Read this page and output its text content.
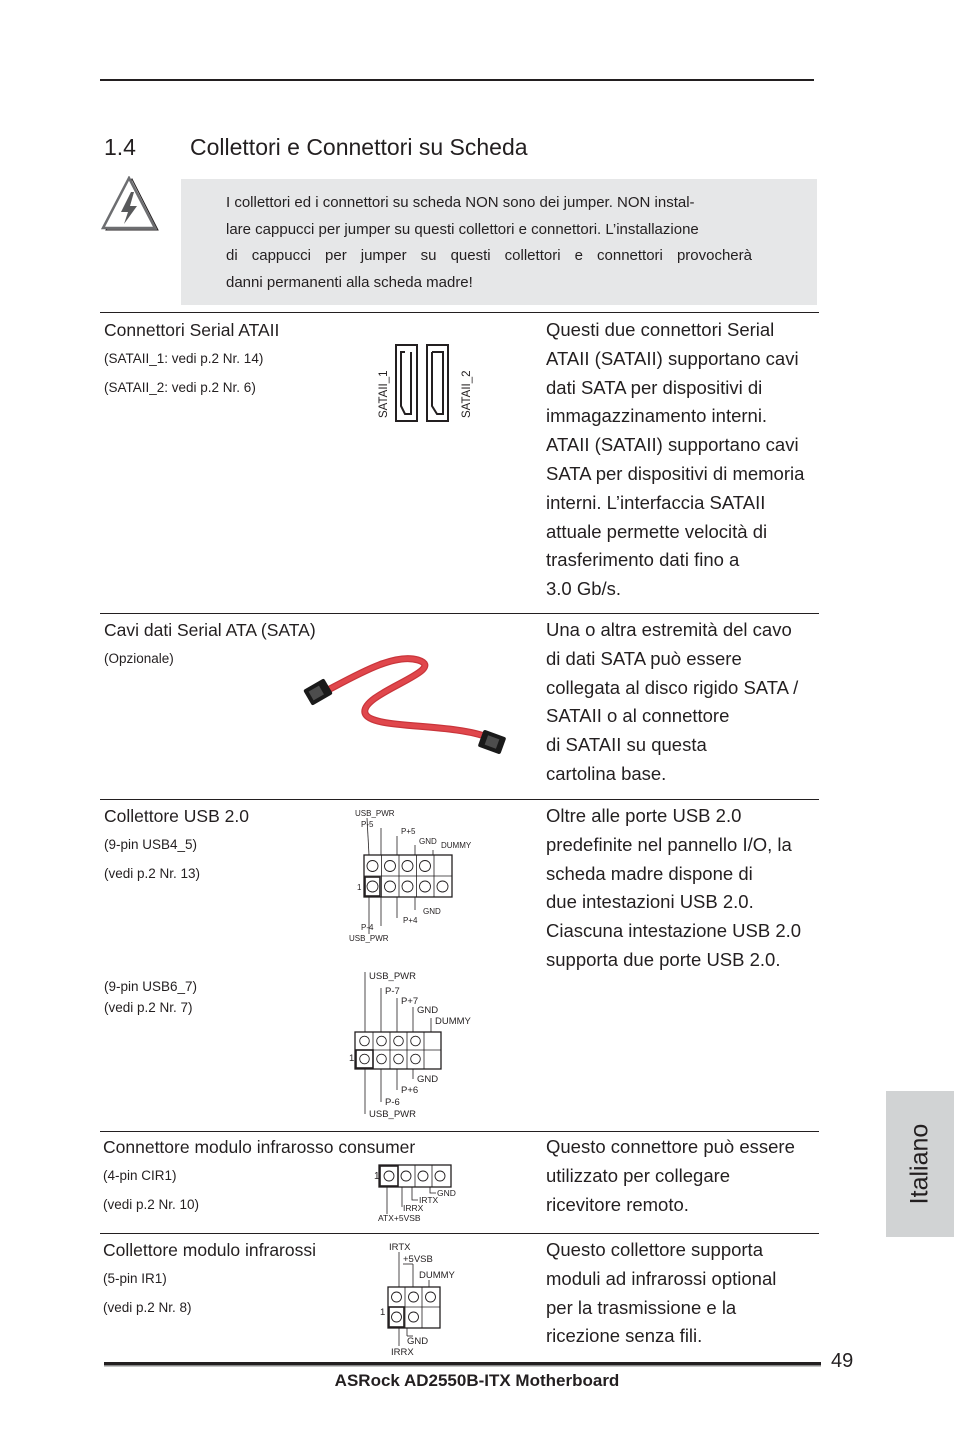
1.4 Collettori e Connettori su Scheda
I collettori ed i connettori su scheda NON sono dei jumper. NON instal-
lare cappucci per jumper su questi collettori e connettori. L’installazione
di cappucci per jumper su questi collettori e connettori provocherà
danni permanenti alla scheda madre!
Connettori Serial ATAII
(SATAII_1: vedi p.2 Nr. 14)
(SATAII_2: vedi p.2 Nr. 6)	SATAII_1	SATAII_2
Questi due connettori Serial
ATAII (SATAII) supportano cavi
dati SATA per dispositivi di
immagazzinamento interni.
ATAII (SATAII) supportano cavi
SATA per dispositivi di memoria
interni. L’interfaccia SATAII
attuale permette velocità di
trasferimento dati fino a
3.0 Gb/s.
Cavi dati Serial ATA (SATA)
(Opzionale)
Una o altra estremità del cavo
di dati SATA può essere
collegata al disco rigido SATA /
SATAII o al connettore
di SATAII su questa
cartolina base.
Collettore USB 2.0
(9-pin USB4_5)
(vedi p.2 Nr. 13)
(9-pin USB6_7)
(vedi p.2 Nr. 7)
USB_PWR
P-5
P+5
GND DUMMY
GND
P+4
P-4
USB_PWR
1
USB_PWR
P-7
P+7
GND
DUMMY
GND
P+6
P-6
USB_PWR
1
Oltre alle porte USB 2.0
predefinite nel pannello I/O, la
scheda madre dispone di
due intestazioni USB 2.0.
Ciascuna intestazione USB 2.0
supporta due porte USB 2.0.
Connettore modulo infrarosso consumer
(4-pin CIR1)
(vedi p.2 Nr. 10)
1
GND
IRTX
IRRX
ATX+5VSB
Questo connettore può essere
utilizzato per collegare
ricevitore remoto.
Collettore modulo infrarossi
(5-pin IR1)
(vedi p.2 Nr. 8)
IRTX
+5VSB
DUMMY
GND
IRRX
1
Questo collettore supporta
moduli ad infrarossi optional
per la trasmissione e la
ricezione senza fili.
Italiano
49
ASRock AD2550B-ITX Motherboard
